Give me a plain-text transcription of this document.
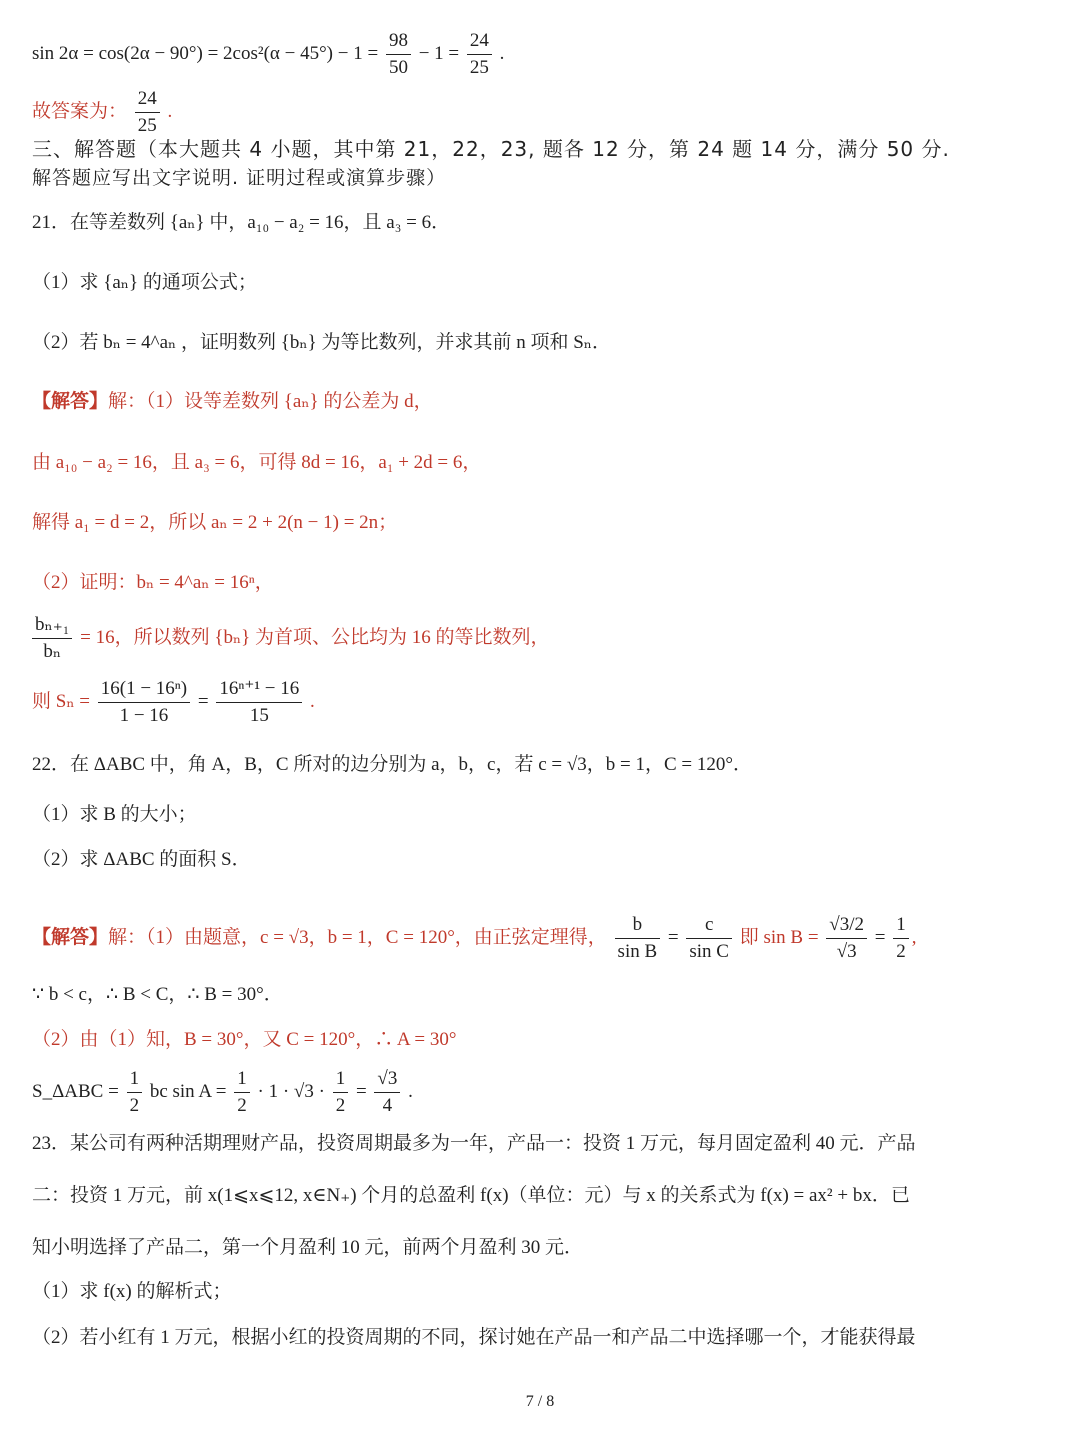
$\sin 2\alpha = \cos(2\alpha - 90^\circ) = 2\cos^2(\alpha - 45^\circ) - 1 = \frac{98}{50} - 1 = \frac{24}{25}$ .
故答案为： $\frac{24}{25}$ .
三、解答题（本大题共 4 小题，其中第 21，22，23, 题各 12 分，第 24 题 14 分，满分 50 分.
解答题应写出文字说明. 证明过程或演算步骤）
21．在等差数列 {aₙ} 中，a₁₀ − a₂ = 16，且 a₃ = 6．
（1）求 {aₙ} 的通项公式；
（2）若 bₙ = 4^aₙ ，证明数列 {bₙ} 为等比数列，并求其前 n 项和 Sₙ．
【解答】解：（1）设等差数列 {aₙ} 的公差为 d，
由 a₁₀ − a₂ = 16，且 a₃ = 6，可得 8d = 16，a₁ + 2d = 6，
解得 a₁ = d = 2，所以 aₙ = 2 + 2(n − 1) = 2n；
（2）证明：bₙ = 4^aₙ = 16ⁿ，
$\frac{\text{bₙ₊₁}}{\text{bₙ}} = 16$，所以数列 {bₙ} 为首项、公比均为 16 的等比数列，
则 $S_n = \frac{\text{16(1 − 16ⁿ)}}{1 - 16} = \frac{\text{16ⁿ⁺¹ − 16}}{15}$ .
22．在 ΔABC 中，角 A，B，C 所对的边分别为 a，b，c，若 c = √3，b = 1，C = 120°．
（1）求 B 的大小；
（2）求 ΔABC 的面积 S．
【解答】解：（1）由题意，c = √3，b = 1，C = 120°，由正弦定理得， $\frac{b}{\text{sin B}} = \frac{c}{\text{sin C}}$ 即 $\sin B = \frac{√3/2}{√3} = \frac{1}{2}$ ,
∵ b < c，∴ B < C，∴ B = 30°．
（2）由（1）知，B = 30°，又 C = 120°，∴ A = 30°
S_ΔABC = $\frac{1}{2}$ bc $\sin A = \frac{1}{2} \cdot 1 \cdot √3 \cdot \frac{1}{2} = \frac{√3}{4}$ .
23．某公司有两种活期理财产品，投资周期最多为一年，产品一：投资 1 万元，每月固定盈利 40 元．产品
二：投资 1 万元，前 x(1⩽x⩽12, x∈N₊) 个月的总盈利 f(x)（单位：元）与 x 的关系式为 f(x) = ax² + bx．已
知小明选择了产品二，第一个月盈利 10 元，前两个月盈利 30 元．
（1）求 f(x) 的解析式；
（2）若小红有 1 万元，根据小红的投资周期的不同，探讨她在产品一和产品二中选择哪一个，才能获得最
7 / 8
